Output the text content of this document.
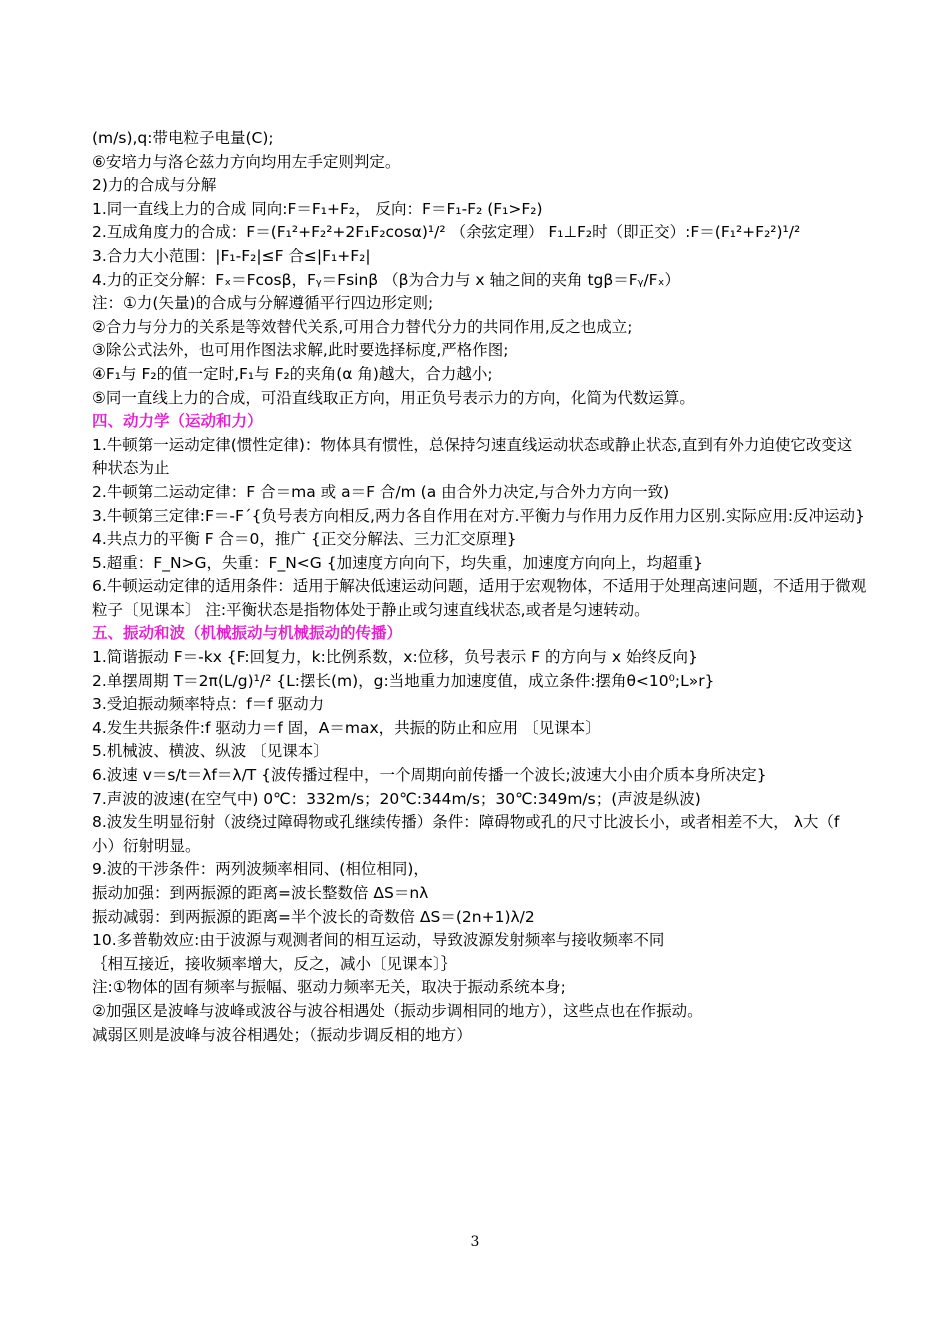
(m/s),q:带电粒子电量(C);
⑥安培力与洛仑兹力方向均用左手定则判定。
2)力的合成与分解
1.同一直线上力的合成 同向:F＝F₁+F₂， 反向：F＝F₁-F₂ (F₁>F₂)
2.互成角度力的合成：F＝(F₁²+F₂²+2F₁F₂cosα)¹/² （余弦定理） F₁⊥F₂时（即正交）:F＝(F₁²+F₂²)¹/²
3.合力大小范围：|F₁-F₂|≤F 合≤|F₁+F₂|
4.力的正交分解：Fₓ＝Fcosβ，Fᵧ＝Fsinβ （β为合力与 x 轴之间的夹角 tgβ＝Fᵧ/Fₓ）
注：①力(矢量)的合成与分解遵循平行四边形定则;
②合力与分力的关系是等效替代关系,可用合力替代分力的共同作用,反之也成立;
③除公式法外，也可用作图法求解,此时要选择标度,严格作图;
④F₁与 F₂的值一定时,F₁与 F₂的夹角(α 角)越大，合力越小;
⑤同一直线上力的合成，可沿直线取正方向，用正负号表示力的方向，化简为代数运算。
四、动力学（运动和力）
1.牛顿第一运动定律(惯性定律)：物体具有惯性，总保持匀速直线运动状态或静止状态,直到有外力迫使它改变这种状态为止
2.牛顿第二运动定律：F 合＝ma 或 a＝F 合/m (a 由合外力决定,与合外力方向一致)
3.牛顿第三定律:F＝-F´{负号表方向相反,两力各自作用在对方.平衡力与作用力反作用力区别.实际应用:反冲运动}
4.共点力的平衡 F 合＝0，推广 {正交分解法、三力汇交原理}
5.超重：F_N>G，失重：F_N<G {加速度方向向下，均失重，加速度方向向上，均超重}
6.牛顿运动定律的适用条件：适用于解决低速运动问题，适用于宏观物体，不适用于处理高速问题，不适用于微观粒子〔见课本〕 注:平衡状态是指物体处于静止或匀速直线状态,或者是匀速转动。
五、振动和波（机械振动与机械振动的传播）
1.简谐振动 F＝-kx {F:回复力，k:比例系数，x:位移，负号表示 F 的方向与 x 始终反向}
2.单摆周期 T＝2π(L/g)¹/² {L:摆长(m)，g:当地重力加速度值，成立条件:摆角θ<10⁰;L»r}
3.受迫振动频率特点：f＝f 驱动力
4.发生共振条件:f 驱动力＝f 固，A＝max，共振的防止和应用 〔见课本〕
5.机械波、横波、纵波 〔见课本〕
6.波速 v＝s/t＝λf＝λ/T {波传播过程中，一个周期向前传播一个波长;波速大小由介质本身所决定}
7.声波的波速(在空气中) 0℃：332m/s；20℃:344m/s；30℃:349m/s；(声波是纵波)
8.波发生明显衍射（波绕过障碍物或孔继续传播）条件：障碍物或孔的尺寸比波长小，或者相差不大， λ大（f 小）衍射明显。
9.波的干涉条件：两列波频率相同、(相位相同)，
振动加强：到两振源的距离=波长整数倍 ΔS＝nλ
振动减弱：到两振源的距离=半个波长的奇数倍 ΔS＝(2n+1)λ/2
10.多普勒效应:由于波源与观测者间的相互运动，导致波源发射频率与接收频率不同
｛相互接近，接收频率增大，反之，减小〔见课本〕｝
注:①物体的固有频率与振幅、驱动力频率无关，取决于振动系统本身;
②加强区是波峰与波峰或波谷与波谷相遇处（振动步调相同的地方），这些点也在作振动。
减弱区则是波峰与波谷相遇处；（振动步调反相的地方）
3
